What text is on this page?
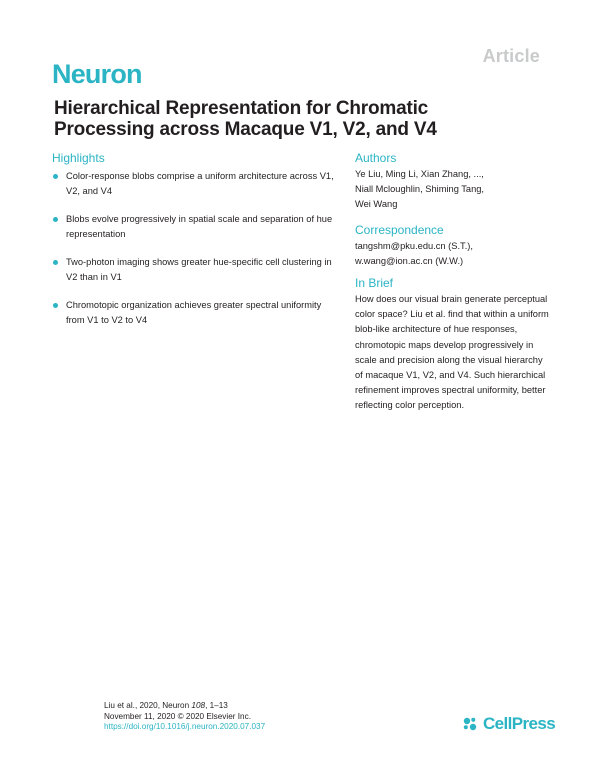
Article
Neuron
Hierarchical Representation for Chromatic Processing across Macaque V1, V2, and V4
Highlights
Color-response blobs comprise a uniform architecture across V1, V2, and V4
Blobs evolve progressively in spatial scale and separation of hue representation
Two-photon imaging shows greater hue-specific cell clustering in V2 than in V1
Chromotopic organization achieves greater spectral uniformity from V1 to V2 to V4
Authors
Ye Liu, Ming Li, Xian Zhang, ...,
Niall Mcloughlin, Shiming Tang,
Wei Wang
Correspondence
tangshm@pku.edu.cn (S.T.),
w.wang@ion.ac.cn (W.W.)
In Brief
How does our visual brain generate perceptual color space? Liu et al. find that within a uniform blob-like architecture of hue responses, chromotopic maps develop progressively in scale and precision along the visual hierarchy of macaque V1, V2, and V4. Such hierarchical refinement improves spectral uniformity, better reflecting color perception.
Liu et al., 2020, Neuron 108, 1–13
November 11, 2020 © 2020 Elsevier Inc.
https://doi.org/10.1016/j.neuron.2020.07.037	CellPress
